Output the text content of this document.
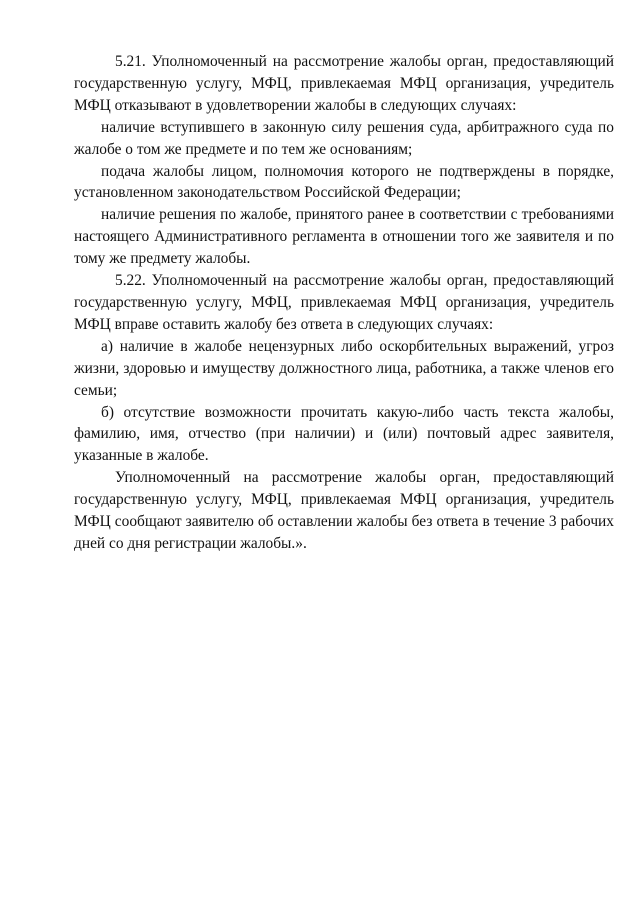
5.21. Уполномоченный на рассмотрение жалобы орган, предоставляющий государственную услугу, МФЦ, привлекаемая МФЦ организация, учредитель МФЦ отказывают в удовлетворении жалобы в следующих случаях:

наличие вступившего в законную силу решения суда, арбитражного суда по жалобе о том же предмете и по тем же основаниям;

подача жалобы лицом, полномочия которого не подтверждены в порядке, установленном законодательством Российской Федерации;

наличие решения по жалобе, принятого ранее в соответствии с требованиями настоящего Административного регламента в отношении того же заявителя и по тому же предмету жалобы.

5.22. Уполномоченный на рассмотрение жалобы орган, предоставляющий государственную услугу, МФЦ, привлекаемая МФЦ организация, учредитель МФЦ вправе оставить жалобу без ответа в следующих случаях:

а) наличие в жалобе нецензурных либо оскорбительных выражений, угроз жизни, здоровью и имуществу должностного лица, работника, а также членов его семьи;

б) отсутствие возможности прочитать какую-либо часть текста жалобы, фамилию, имя, отчество (при наличии) и (или) почтовый адрес заявителя, указанные в жалобе.

Уполномоченный на рассмотрение жалобы орган, предоставляющий государственную услугу, МФЦ, привлекаемая МФЦ организация, учредитель МФЦ сообщают заявителю об оставлении жалобы без ответа в течение 3 рабочих дней со дня регистрации жалобы.».
